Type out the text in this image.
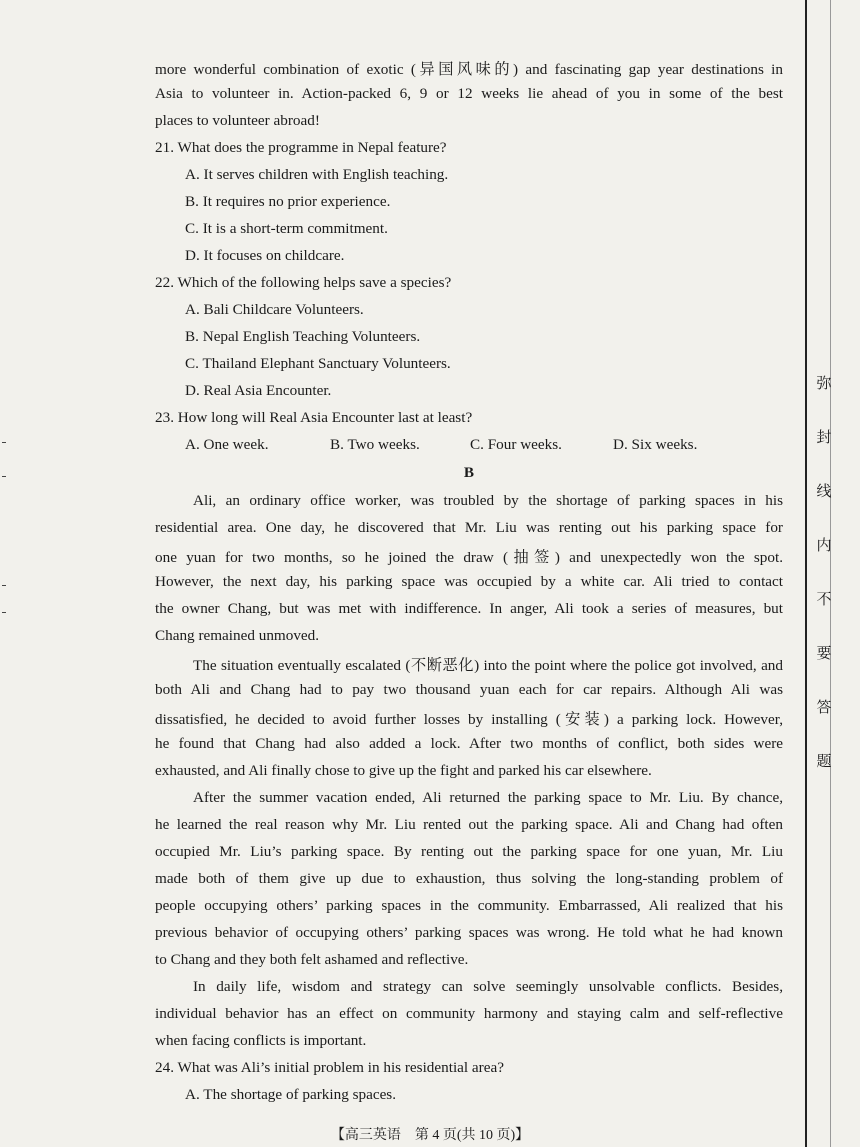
弥
封
线
内
不
要
答
题
more wonderful combination of exotic (异国风味的) and fascinating gap year destinations in
Asia to volunteer in. Action-packed 6, 9 or 12 weeks lie ahead of you in some of the best
places to volunteer abroad!
21. What does the programme in Nepal feature?
A. It serves children with English teaching.
B. It requires no prior experience.
C. It is a short-term commitment.
D. It focuses on childcare.
22. Which of the following helps save a species?
A. Bali Childcare Volunteers.
B. Nepal English Teaching Volunteers.
C. Thailand Elephant Sanctuary Volunteers.
D. Real Asia Encounter.
23. How long will Real Asia Encounter last at least?
A. One week.	B. Two weeks.	C. Four weeks.	D. Six weeks.
B
Ali, an ordinary office worker, was troubled by the shortage of parking spaces in his
residential area. One day, he discovered that Mr. Liu was renting out his parking space for
one yuan for two months, so he joined the draw (抽签) and unexpectedly won the spot.
However, the next day, his parking space was occupied by a white car. Ali tried to contact
the owner Chang, but was met with indifference. In anger, Ali took a series of measures, but
Chang remained unmoved.
The situation eventually escalated (不断恶化) into the point where the police got involved, and
both Ali and Chang had to pay two thousand yuan each for car repairs. Although Ali was
dissatisfied, he decided to avoid further losses by installing (安装) a parking lock. However,
he found that Chang had also added a lock. After two months of conflict, both sides were
exhausted, and Ali finally chose to give up the fight and parked his car elsewhere.
After the summer vacation ended, Ali returned the parking space to Mr. Liu. By chance,
he learned the real reason why Mr. Liu rented out the parking space. Ali and Chang had often
occupied Mr. Liu’s parking space. By renting out the parking space for one yuan, Mr. Liu
made both of them give up due to exhaustion, thus solving the long-standing problem of
people occupying others’ parking spaces in the community. Embarrassed, Ali realized that his
previous behavior of occupying others’ parking spaces was wrong. He told what he had known
to Chang and they both felt ashamed and reflective.
In daily life, wisdom and strategy can solve seemingly unsolvable conflicts. Besides,
individual behavior has an effect on community harmony and staying calm and self-reflective
when facing conflicts is important.
24. What was Ali’s initial problem in his residential area?
A. The shortage of parking spaces.
【高三英语　第 4 页(共 10 页)】
